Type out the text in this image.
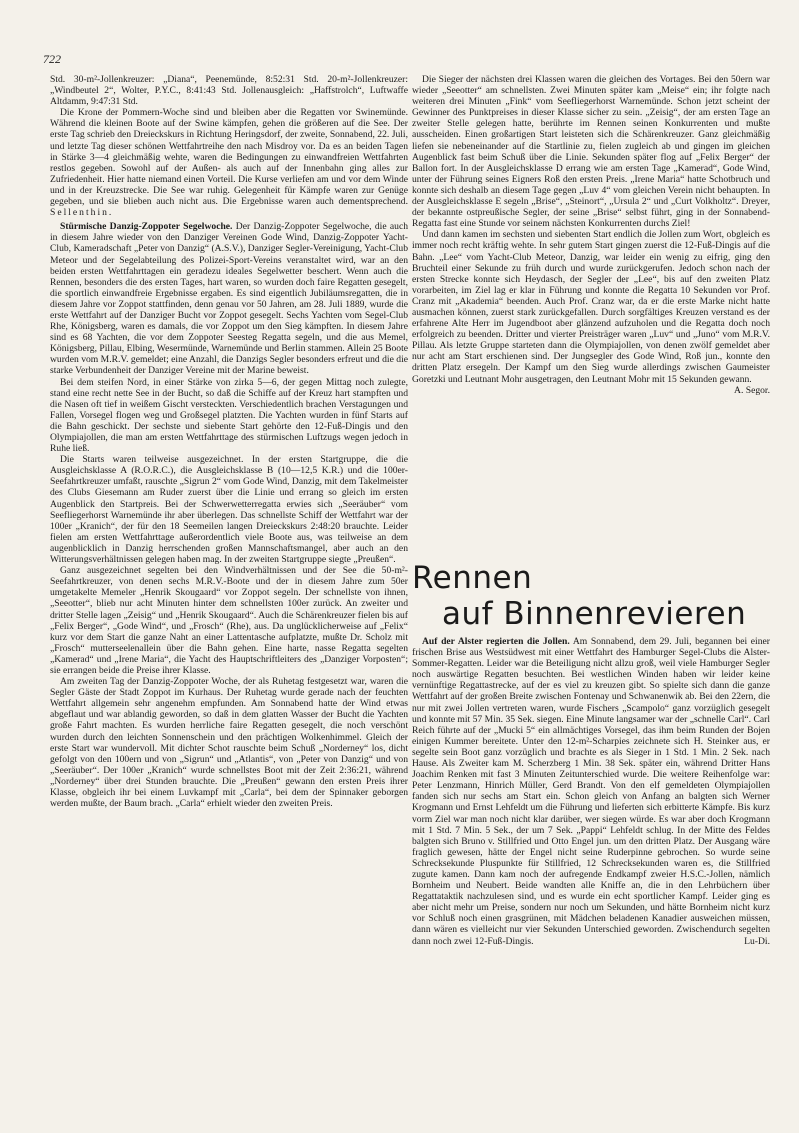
722

Std. 30-m²-Jollenkreuzer: „Diana“, Peenemünde, 8:52:31 Std. 20-m²-Jollenkreuzer: „Windbeutel 2“, Wolter, P.Y.C., 8:41:43 Std. Jollenausgleich: „Haffstrolch“, Luftwaffe Altdamm, 9:47:31 Std.

Die Krone der Pommern-Woche sind und bleiben aber die Regatten vor Swinemünde. Während die kleinen Boote auf der Swine kämpfen, gehen die größeren auf die See. Der erste Tag schrieb den Dreieckskurs in Richtung Heringsdorf, der zweite, Sonnabend, 22. Juli, und letzte Tag dieser schönen Wettfahrtreihe den nach Misdroy vor. Da es an beiden Tagen in Stärke 3—4 gleichmäßig wehte, waren die Bedingungen zu einwandfreien Wettfahrten restlos gegeben. Sowohl auf der Außen- als auch auf der Innenbahn ging alles zur Zufriedenheit. Hier hatte niemand einen Vorteil. Die Kurse verliefen am und vor dem Winde und in der Kreuzstrecke. Die See war ruhig. Gelegenheit für Kämpfe waren zur Genüge gegeben, und sie blieben auch nicht aus. Die Ergebnisse waren auch dementsprechend. Sellenthin.

Stürmische Danzig-Zoppoter Segelwoche. Der Danzig-Zoppoter Segelwoche, die auch in diesem Jahre wieder von den Danziger Vereinen Gode Wind, Danzig-Zoppoter Yacht-Club, Kameradschaft „Peter von Danzig“ (A.S.V.), Danziger Segler-Vereinigung, Yacht-Club Meteor und der Segelabteilung des Polizei-Sport-Vereins veranstaltet wird, war an den beiden ersten Wettfahrttagen ein geradezu ideales Segelwetter beschert. Wenn auch die Rennen, besonders die des ersten Tages, hart waren, so wurden doch faire Regatten gesegelt, die sportlich einwandfreie Ergebnisse ergaben. Es sind eigentlich Jubiläumsregatten, die in diesem Jahre vor Zoppot stattfinden, denn genau vor 50 Jahren, am 28. Juli 1889, wurde die erste Wettfahrt auf der Danziger Bucht vor Zoppot gesegelt. Sechs Yachten vom Segel-Club Rhe, Königsberg, waren es damals, die vor Zoppot um den Sieg kämpften. In diesem Jahre sind es 68 Yachten, die vor dem Zoppoter Seesteg Regatta segeln, und die aus Memel, Königsberg, Pillau, Elbing, Wesermünde, Warnemünde und Berlin stammen. Allein 25 Boote wurden vom M.R.V. gemeldet; eine Anzahl, die Danzigs Segler besonders erfreut und die die starke Verbundenheit der Danziger Vereine mit der Marine beweist.

Bei dem steifen Nord, in einer Stärke von zirka 5—6, der gegen Mittag noch zulegte, stand eine recht nette See in der Bucht, so daß die Schiffe auf der Kreuz hart stampften und die Nasen oft tief in weißem Gischt versteckten. Verschiedentlich brachen Verstagungen und Fallen, Vorsegel flogen weg und Großsegel platzten. Die Yachten wurden in fünf Starts auf die Bahn geschickt. Der sechste und siebente Start gehörte den 12-Fuß-Dingis und den Olympiajollen, die man am ersten Wettfahrttage des stürmischen Luftzugs wegen jedoch in Ruhe ließ.

Die Starts waren teilweise ausgezeichnet. In der ersten Startgruppe, die die Ausgleichsklasse A (R.O.R.C.), die Ausgleichsklasse B (10—12,5 K.R.) und die 100er-Seefahrtkreuzer umfaßt, rauschte „Sigrun 2“ vom Gode Wind, Danzig, mit dem Takelmeister des Clubs Giesemann am Ruder zuerst über die Linie und errang so gleich im ersten Augenblick den Startpreis. Bei der Schwerwetterregatta erwies sich „Seeräuber“ vom Seefliegerhorst Warnemünde ihr aber überlegen. Das schnellste Schiff der Wettfahrt war der 100er „Kranich“, der für den 18 Seemeilen langen Dreieckskurs 2:48:20 brauchte. Leider fielen am ersten Wettfahrttage außerordentlich viele Boote aus, was teilweise an dem augenblicklich in Danzig herrschenden großen Mannschaftsmangel, aber auch an den Witterungsverhältnissen gelegen haben mag. In der zweiten Startgruppe siegte „Preußen“.

Ganz ausgezeichnet segelten bei den Windverhältnissen und der See die 50-m²-Seefahrtkreuzer, von denen sechs M.R.V.-Boote und der in diesem Jahre zum 50er umgetakelte Memeler „Henrik Skougaard“ vor Zoppot segeln. Der schnellste von ihnen, „Seeotter“, blieb nur acht Minuten hinter dem schnellsten 100er zurück. An zweiter und dritter Stelle lagen „Zeisig“ und „Henrik Skougaard“. Auch die Schärenkreuzer fielen bis auf „Felix Berger“, „Gode Wind“, und „Frosch“ (Rhe), aus. Da unglücklicherweise auf „Felix“ kurz vor dem Start die ganze Naht an einer Lattentasche aufplatzte, mußte Dr. Scholz mit „Frosch“ mutterseelenallein über die Bahn gehen. Eine harte, nasse Regatta segelten „Kamerad“ und „Irene Maria“, die Yacht des Hauptschriftleiters des „Danziger Vorposten“; sie errangen beide die Preise ihrer Klasse.

Am zweiten Tag der Danzig-Zoppoter Woche, der als Ruhetag festgesetzt war, waren die Segler Gäste der Stadt Zoppot im Kurhaus. Der Ruhetag wurde gerade nach der feuchten Wettfahrt allgemein sehr angenehm empfunden. Am Sonnabend hatte der Wind etwas abgeflaut und war ablandig geworden, so daß in dem glatten Wasser der Bucht die Yachten große Fahrt machten. Es wurden herrliche faire Regatten gesegelt, die noch verschönt wurden durch den leichten Sonnenschein und den prächtigen Wolkenhimmel. Gleich der erste Start war wundervoll. Mit dichter Schot rauschte beim Schuß „Norderney“ los, dicht gefolgt von den 100ern und von „Sigrun“ und „Atlantis“, von „Peter von Danzig“ und von „Seeräuber“. Der 100er „Kranich“ wurde schnellstes Boot mit der Zeit 2:36:21, während „Norderney“ über drei Stunden brauchte. Die „Preußen“ gewann den ersten Preis ihrer Klasse, obgleich ihr bei einem Luvkampf mit „Carla“, bei dem der Spinnaker geborgen werden mußte, der Baum brach. „Carla“ erhielt wieder den zweiten Preis.

Die Sieger der nächsten drei Klassen waren die gleichen des Vortages. Bei den 50ern war wieder „Seeotter“ am schnellsten. Zwei Minuten später kam „Meise“ ein; ihr folgte nach weiteren drei Minuten „Fink“ vom Seefliegerhorst Warnemünde. Schon jetzt scheint der Gewinner des Punktpreises in dieser Klasse sicher zu sein. „Zeisig“, der am ersten Tage an zweiter Stelle gelegen hatte, berührte im Rennen seinen Konkurrenten und mußte ausscheiden. Einen großartigen Start leisteten sich die Schärenkreuzer. Ganz gleichmäßig liefen sie nebeneinander auf die Startlinie zu, fielen zugleich ab und gingen im gleichen Augenblick fast beim Schuß über die Linie. Sekunden später flog auf „Felix Berger“ der Ballon fort. In der Ausgleichsklasse D errang wie am ersten Tage „Kamerad“, Gode Wind, unter der Führung seines Eigners Roß den ersten Preis. „Irene Maria“ hatte Schotbruch und konnte sich deshalb an diesem Tage gegen „Luv 4“ vom gleichen Verein nicht behaupten. In der Ausgleichsklasse E segeln „Brise“, „Steinort“, „Ursula 2“ und „Curt Volkholtz“. Dreyer, der bekannte ostpreußische Segler, der seine „Brise“ selbst führt, ging in der Sonnabend-Regatta fast eine Stunde vor seinem nächsten Konkurrenten durchs Ziel!

Und dann kamen im sechsten und siebenten Start endlich die Jollen zum Wort, obgleich es immer noch recht kräftig wehte. In sehr gutem Start gingen zuerst die 12-Fuß-Dingis auf die Bahn. „Lee“ vom Yacht-Club Meteor, Danzig, war leider ein wenig zu eifrig, ging den Bruchteil einer Sekunde zu früh durch und wurde zurückgerufen. Jedoch schon nach der ersten Strecke konnte sich Heydasch, der Segler der „Lee“, bis auf den zweiten Platz vorarbeiten, im Ziel lag er klar in Führung und konnte die Regatta 10 Sekunden vor Prof. Cranz mit „Akademia“ beenden. Auch Prof. Cranz war, da er die erste Marke nicht hatte ausmachen können, zuerst stark zurückgefallen. Durch sorgfältiges Kreuzen verstand es der erfahrene Alte Herr im Jugendboot aber glänzend aufzuholen und die Regatta doch noch erfolgreich zu beenden. Dritter und vierter Preisträger waren „Luv“ und „Juno“ vom M.R.V. Pillau. Als letzte Gruppe starteten dann die Olympiajollen, von denen zwölf gemeldet aber nur acht am Start erschienen sind. Der Jungsegler des Gode Wind, Roß jun., konnte den dritten Platz ersegeln. Der Kampf um den Sieg wurde allerdings zwischen Gaumeister Goretzki und Leutnant Mohr ausgetragen, den Leutnant Mohr mit 15 Sekunden gewann.
A. Segor.

Rennen
auf Binnenrevieren

Auf der Alster regierten die Jollen. Am Sonnabend, dem 29. Juli, begannen bei einer frischen Brise aus Westsüdwest mit einer Wettfahrt des Hamburger Segel-Clubs die Alster-Sommer-Regatten. Leider war die Beteiligung nicht allzu groß, weil viele Hamburger Segler noch auswärtige Regatten besuchten. Bei westlichen Winden haben wir leider keine vernünftige Regattastrecke, auf der es viel zu kreuzen gibt. So spielte sich dann die ganze Wettfahrt auf der großen Breite zwischen Fontenay und Schwanenwik ab. Bei den 22ern, die nur mit zwei Jollen vertreten waren, wurde Fischers „Scampolo“ ganz vorzüglich gesegelt und konnte mit 57 Min. 35 Sek. siegen. Eine Minute langsamer war der „schnelle Carl“. Carl Reich führte auf der „Mucki 5“ ein allmächtiges Vorsegel, das ihm beim Runden der Bojen einigen Kummer bereitete. Unter den 12-m²-Scharpies zeichnete sich H. Steinker aus, er segelte sein Boot ganz vorzüglich und brachte es als Sieger in 1 Std. 1 Min. 2 Sek. nach Hause. Als Zweiter kam M. Scherzberg 1 Min. 38 Sek. später ein, während Dritter Hans Joachim Renken mit fast 3 Minuten Zeitunterschied wurde. Die weitere Reihenfolge war: Peter Lenzmann, Hinrich Müller, Gerd Brandt. Von den elf gemeldeten Olympiajollen fanden sich nur sechs am Start ein. Schon gleich von Anfang an balgten sich Werner Krogmann und Ernst Lehfeldt um die Führung und lieferten sich erbitterte Kämpfe. Bis kurz vorm Ziel war man noch nicht klar darüber, wer siegen würde. Es war aber doch Krogmann mit 1 Std. 7 Min. 5 Sek., der um 7 Sek. „Pappi“ Lehfeldt schlug. In der Mitte des Feldes balgten sich Bruno v. Stillfried und Otto Engel jun. um den dritten Platz. Der Ausgang wäre fraglich gewesen, hätte der Engel nicht seine Ruderpinne gebrochen. So wurde seine Schrecksekunde Pluspunkte für Stillfried, 12 Schrecksekunden waren es, die Stillfried zugute kamen. Dann kam noch der aufregende Endkampf zweier H.S.C.-Jollen, nämlich Bornheim und Neubert. Beide wandten alle Kniffe an, die in den Lehrbüchern über Regattataktik nachzulesen sind, und es wurde ein echt sportlicher Kampf. Leider ging es aber nicht mehr um Preise, sondern nur noch um Sekunden, und hätte Bornheim nicht kurz vor Schluß noch einen grasgrünen, mit Mädchen beladenen Kanadier ausweichen müssen, dann wären es vielleicht nur vier Sekunden Unterschied geworden. Zwischendurch segelten dann noch zwei 12-Fuß-Dingis.	Lu-Di.
